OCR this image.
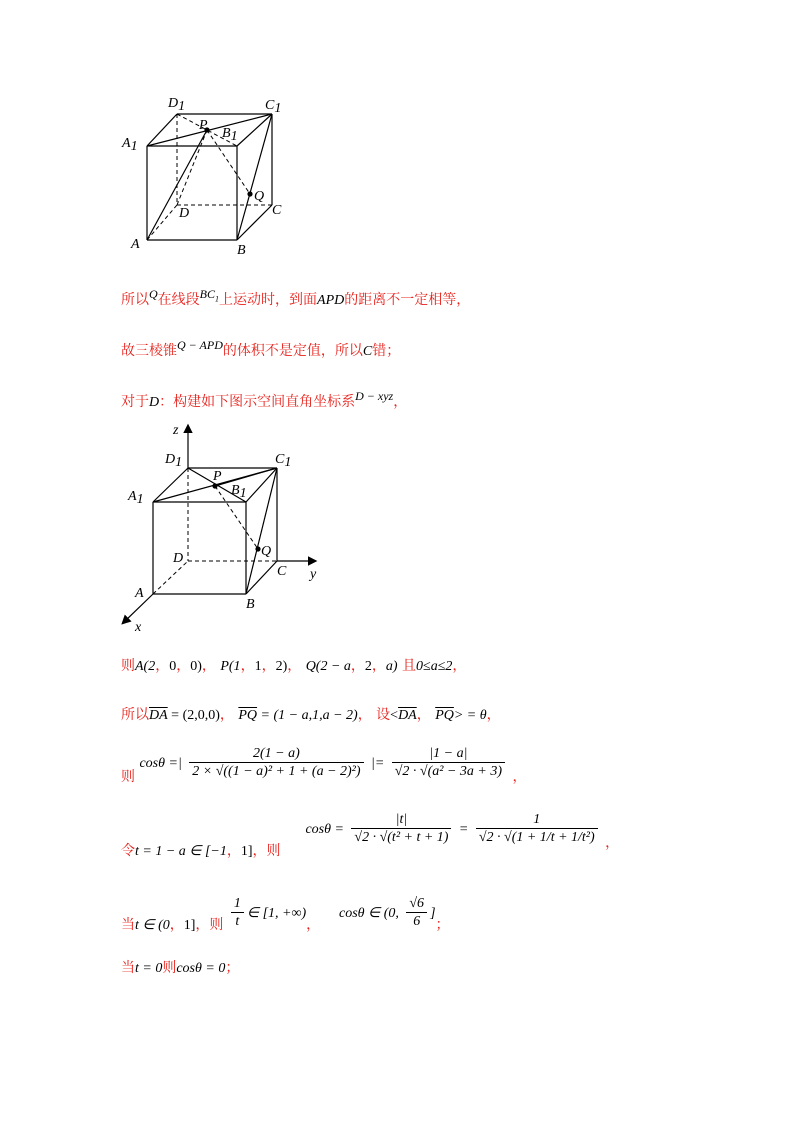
D1	C1
A1
B1
P
Q
D	C
A	B
所以Q在线段$BC_1$上运动时，到面APD的距离不一定相等，
故三棱锥Q − APD的体积不是定值，所以C错；
对于D：构建如下图示空间直角坐标系D − xyz，
z
y
x
D1	C1
A1
B1
P
Q
D
C
A
B
则A(2，0，0)， P(1，1，2)， Q(2 − a，2，a) 且0≤a≤2，
所以$\overline{DA} = (2,0,0)$， $\overline{PQ} = (1 - a,1,a - 2)$， 设$<\overline{DA}$， $\overline{PQ}> = \theta$，
则 cosθ =| $\frac{2(1 - a)}{\text{2 × √((1 − a)² + 1 + (a − 2)²)}}$ |= $\frac{|1 - a|}{\text{√2 · √(a² − 3a + 3)}}$ ，
令t = 1 − a ∈ [−1，1]，则  $\cos\theta = \frac{|t|}{\text{√2 · √(t² + t + 1)}} = \frac{1}{\text{√2 · √(1 + 1/t + 1/t²)}}$ ，
当t ∈ (0，1]，则 $\frac{1}{t}$ ∈ [1, +∞)，  cosθ ∈ (0, $\frac{√6}{6}$ ]；
当t = 0则cosθ = 0；
